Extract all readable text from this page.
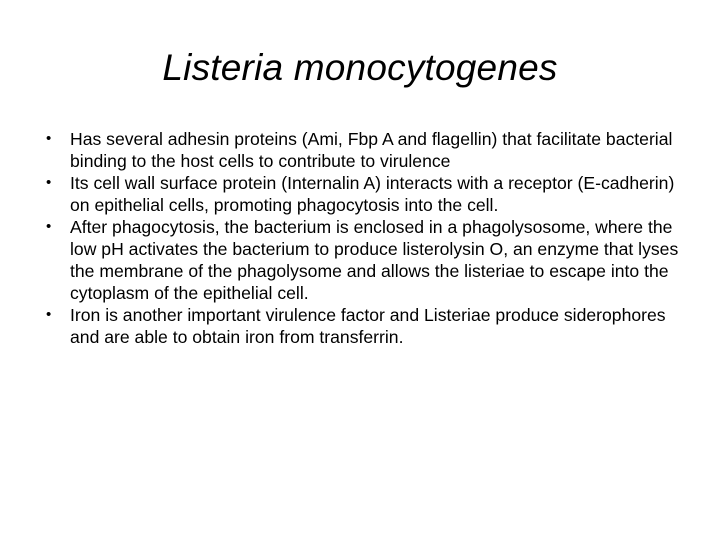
Listeria monocytogenes
•	Has several adhesin proteins (Ami, Fbp A and flagellin) that facilitate bacterial binding to the host cells to contribute to virulence
•	Its cell wall surface protein (Internalin A) interacts with a receptor (E-cadherin) on epithelial cells, promoting phagocytosis into the cell.
•	After phagocytosis, the bacterium is enclosed in a phagolysosome, where the low pH activates the bacterium to produce listerolysin O, an enzyme that lyses the membrane of the phagolysome and allows the listeriae to escape into the cytoplasm of the epithelial cell.
•	Iron is another important virulence factor and Listeriae produce siderophores and are able to obtain iron from transferrin.
